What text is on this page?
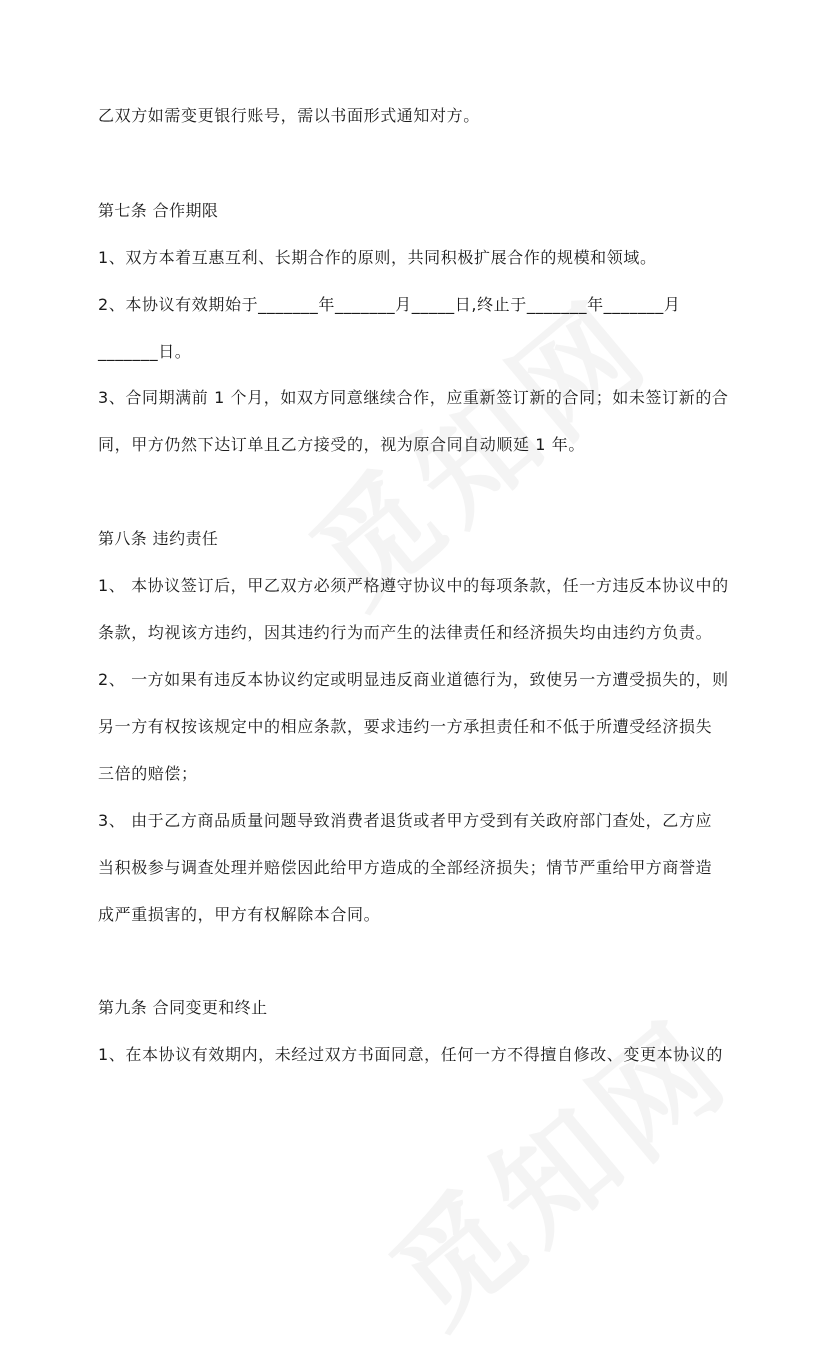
乙双方如需变更银行账号，需以书面形式通知对方。
第七条 合作期限
1、双方本着互惠互利、长期合作的原则，共同积极扩展合作的规模和领域。
2、本协议有效期始于_______年_______月_____日,终止于_______年_______月
_______日。
3、合同期满前 1 个月，如双方同意继续合作，应重新签订新的合同；如未签订新的合
同，甲方仍然下达订单且乙方接受的，视为原合同自动顺延 1 年。
第八条 违约责任
1、 本协议签订后，甲乙双方必须严格遵守协议中的每项条款，任一方违反本协议中的
条款，均视该方违约，因其违约行为而产生的法律责任和经济损失均由违约方负责。
2、 一方如果有违反本协议约定或明显违反商业道德行为，致使另一方遭受损失的，则
另一方有权按该规定中的相应条款，要求违约一方承担责任和不低于所遭受经济损失
三倍的赔偿；
3、 由于乙方商品质量问题导致消费者退货或者甲方受到有关政府部门查处，乙方应
当积极参与调查处理并赔偿因此给甲方造成的全部经济损失；情节严重给甲方商誉造
成严重损害的，甲方有权解除本合同。
第九条 合同变更和终止
1、在本协议有效期内，未经过双方书面同意，任何一方不得擅自修改、变更本协议的
